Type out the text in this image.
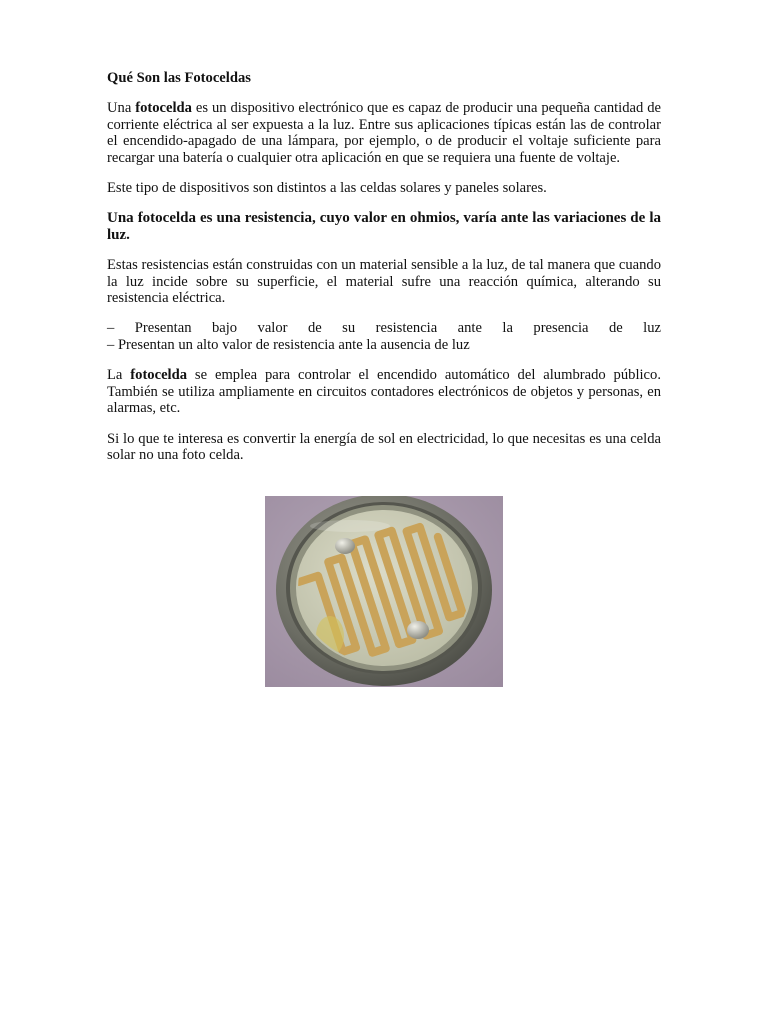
Qué Son las Fotoceldas

Una fotocelda es un dispositivo electrónico que es capaz de producir una pequeña cantidad de corriente eléctrica al ser expuesta a la luz. Entre sus aplicaciones típicas están las de controlar el encendido-apagado de una lámpara, por ejemplo, o de producir el voltaje suficiente para recargar una batería o cualquier otra aplicación en que se requiera una fuente de voltaje.

Este tipo de dispositivos son distintos a las celdas solares y paneles solares.

Una fotocelda es una resistencia, cuyo valor en ohmios, varía ante las variaciones de la luz.

Estas resistencias están construidas con un material sensible a la luz, de tal manera que cuando la luz incide sobre su superficie, el material sufre una reacción química, alterando su resistencia eléctrica.

– Presentan bajo valor de su resistencia ante la presencia de luz
– Presentan un alto valor de resistencia ante la ausencia de luz

La fotocelda se emplea para controlar el encendido automático del alumbrado público. También se utiliza ampliamente en circuitos contadores electrónicos de objetos y personas, en alarmas, etc.

Si lo que te interesa es convertir la energía de sol en electricidad, lo que necesitas es una celda solar no una foto celda.
